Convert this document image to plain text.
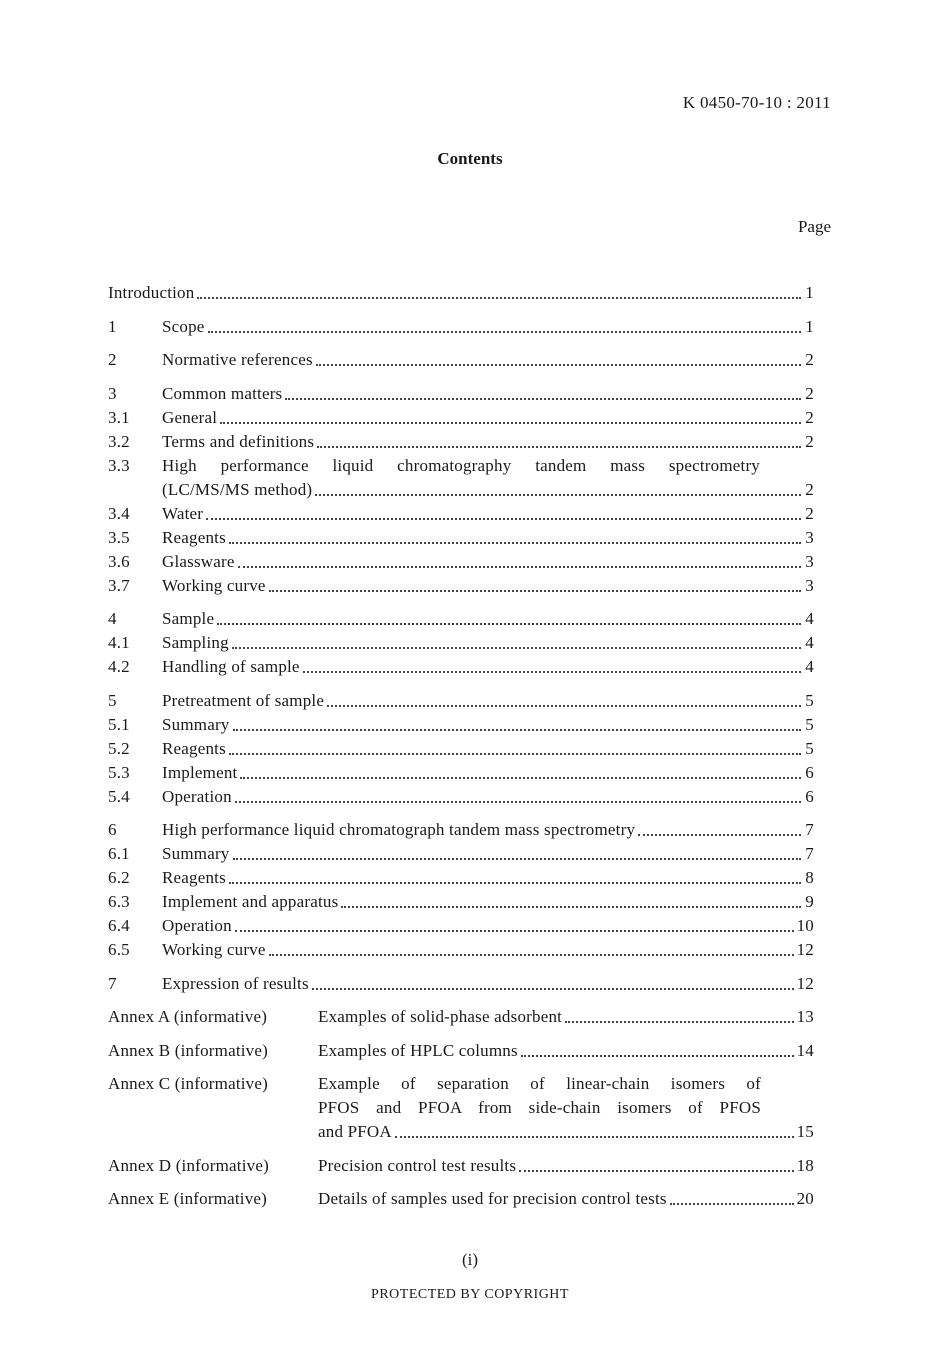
K 0450-70-10 : 2011
Contents
Page
Introduction	1
1	Scope	1
2	Normative references	2
3	Common matters	2
3.1	General	2
3.2	Terms and definitions	2
3.3	High performance liquid chromatography tandem mass spectrometry
(LC/MS/MS method)	2
3.4	Water	2
3.5	Reagents	3
3.6	Glassware	3
3.7	Working curve	3
4	Sample	4
4.1	Sampling	4
4.2	Handling of sample	4
5	Pretreatment of sample	5
5.1	Summary	5
5.2	Reagents	5
5.3	Implement	6
5.4	Operation	6
6	High performance liquid chromatograph tandem mass spectrometry	7
6.1	Summary	7
6.2	Reagents	8
6.3	Implement and apparatus	9
6.4	Operation	10
6.5	Working curve	12
7	Expression of results	12
Annex A (informative)	Examples of solid-phase adsorbent	13
Annex B (informative)	Examples of HPLC columns	14
Annex C (informative)	Example of separation of linear-chain isomers of
PFOS and PFOA from side-chain isomers of PFOS
and PFOA	15
Annex D (informative)	Precision control test results	18
Annex E (informative)	Details of samples used for precision control tests	20
(i)
PROTECTED BY COPYRIGHT
